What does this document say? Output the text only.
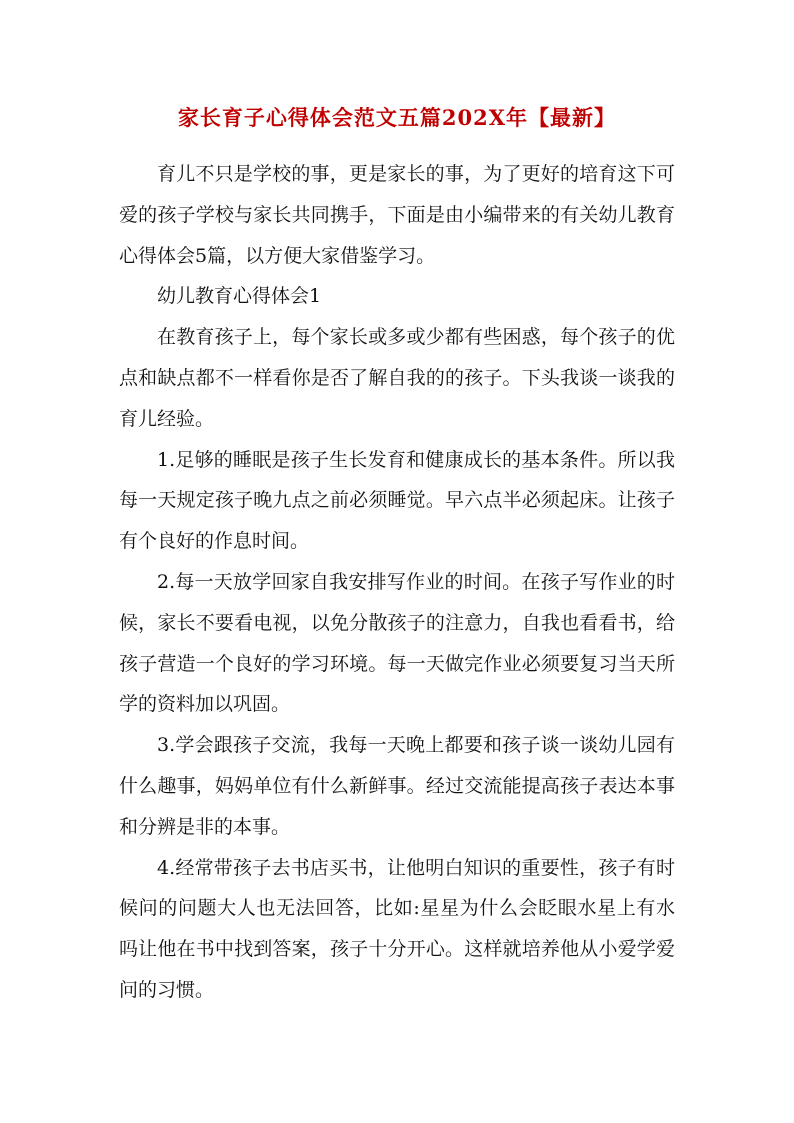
家长育子心得体会范文五篇202X年【最新】

育儿不只是学校的事，更是家长的事，为了更好的培育这下可爱的孩子学校与家长共同携手，下面是由小编带来的有关幼儿教育心得体会5篇，以方便大家借鉴学习。

幼儿教育心得体会1

在教育孩子上，每个家长或多或少都有些困惑，每个孩子的优点和缺点都不一样看你是否了解自我的的孩子。下头我谈一谈我的育儿经验。

1.足够的睡眠是孩子生长发育和健康成长的基本条件。所以我每一天规定孩子晚九点之前必须睡觉。早六点半必须起床。让孩子有个良好的作息时间。

2.每一天放学回家自我安排写作业的时间。在孩子写作业的时候，家长不要看电视，以免分散孩子的注意力，自我也看看书，给孩子营造一个良好的学习环境。每一天做完作业必须要复习当天所学的资料加以巩固。

3.学会跟孩子交流，我每一天晚上都要和孩子谈一谈幼儿园有什么趣事，妈妈单位有什么新鲜事。经过交流能提高孩子表达本事和分辨是非的本事。

4.经常带孩子去书店买书，让他明白知识的重要性，孩子有时候问的问题大人也无法回答，比如:星星为什么会眨眼水星上有水吗让他在书中找到答案，孩子十分开心。这样就培养他从小爱学爱问的习惯。
